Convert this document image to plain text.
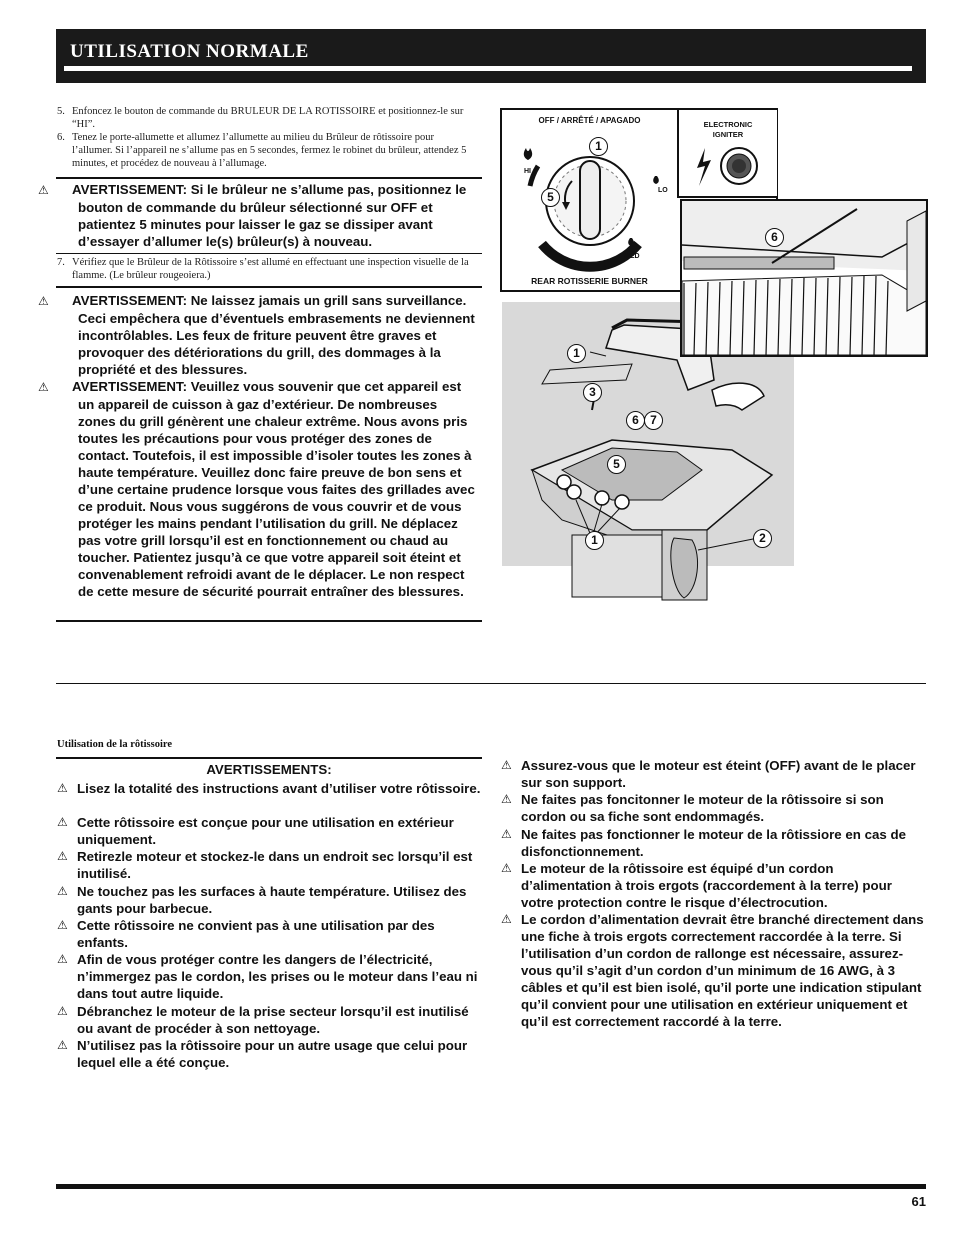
UTILISATION NORMALE
5. Enfoncez le bouton de commande du BRULEUR DE LA ROTISSOIRE et positionnez-le sur “HI”.
6. Tenez le porte-allumette et allumez l’allumette au milieu du Brûleur de rôtissoire pour l’allumer. Si l’appareil ne s’allume pas en 5 secondes, fermez le robinet du brûleur, attendez 5 minutes, et procédez de nouveau à l’allumage.
⚠ AVERTISSEMENT: Si le brûleur ne s’allume pas, positionnez le bouton de commande du brûleur sélectionné sur OFF et patientez 5 minutes pour laisser le gaz se dissiper avant d’essayer d’allumer le(s) brûleur(s) à nouveau.
7. Vérifiez que le Brûleur de la Rôtissoire s’est allumé en effectuant une inspection visuelle de la flamme. (Le brûleur rougeoiera.)
⚠ AVERTISSEMENT: Ne laissez jamais un grill sans surveillance. Ceci empêchera que d’éventuels embrasements ne deviennent incontrôlables. Les feux de friture peuvent être graves et provoquer des détériorations du grill, des dommages à la propriété et des blessures.
⚠ AVERTISSEMENT: Veuillez vous souvenir que cet appareil est un appareil de cuisson à gaz d’extérieur. De nombreuses zones du grill génèrent une chaleur extrême. Nous avons pris toutes les précautions pour vous protéger des zones de contact. Toutefois, il est impossible d’isoler toutes les zones à haute température. Veuillez donc faire preuve de bon sens et d’une certaine prudence lorsque vous faites des grillades avec ce produit. Nous vous suggérons de vous couvrir et de vous protéger les mains pendant l’utilisation du grill. Ne déplacez pas votre grill lorsqu’il est en fonctionnement ou chaud au toucher. Patientez jusqu’à ce que votre appareil soit éteint et convenablement refroidi avant de le déplacer. Le non respect de cette mesure de sécurité pourrait entraîner des blessures.
OFF / ARRÊTÉ / APAGADO
HI
LO
MED
REAR ROTISSERIE BURNER
1
5
ELECTRONIC
IGNITER
1
3
6 7
5
1	2
6
Utilisation de la rôtissoire
AVERTISSEMENTS:
⚠ Lisez la totalité des instructions avant d’utiliser votre rôtissoire.
⚠ Cette rôtissoire est conçue pour une utilisation en extérieur uniquement.
⚠ Retirezle moteur et stockez-le dans un endroit sec lorsqu’il est inutilisé.
⚠ Ne touchez pas les surfaces à haute température. Utilisez des gants pour barbecue.
⚠ Cette rôtissoire ne convient pas à une utilisation par des enfants.
⚠ Afin de vous protéger contre les dangers de l’électricité, n’immergez pas le cordon, les prises ou le moteur dans l’eau ni dans tout autre liquide.
⚠ Débranchez le moteur de la prise secteur lorsqu’il est inutilisé ou avant de procéder à son nettoyage.
⚠ N’utilisez pas la rôtissoire pour un autre usage que celui pour lequel elle a été conçue.
⚠ Assurez-vous que le moteur est éteint (OFF) avant de le placer sur son support.
⚠ Ne faites pas foncitonner le moteur de la rôtissoire si son cordon ou sa fiche sont endommagés.
⚠ Ne faites pas fonctionner le moteur de la rôtissiore en cas de disfonctionnement.
⚠ Le moteur de la rôtissoire est équipé d’un cordon d’alimentation à trois ergots (raccordement à la terre) pour votre protection contre le risque d’électrocution.
⚠ Le cordon d’alimentation devrait être branché directement dans une fiche à trois ergots correctement raccordée à la terre. Si l’utilisation d’un cordon de rallonge est nécessaire, assurez-vous qu’il s’agit d’un cordon d’un minimum de 16 AWG, à 3 câbles et qu’il est bien isolé, qu’il porte une indication stipulant qu’il convient pour une utilisation en extérieur uniquement et qu’il est correctement raccordé à la terre.
61
